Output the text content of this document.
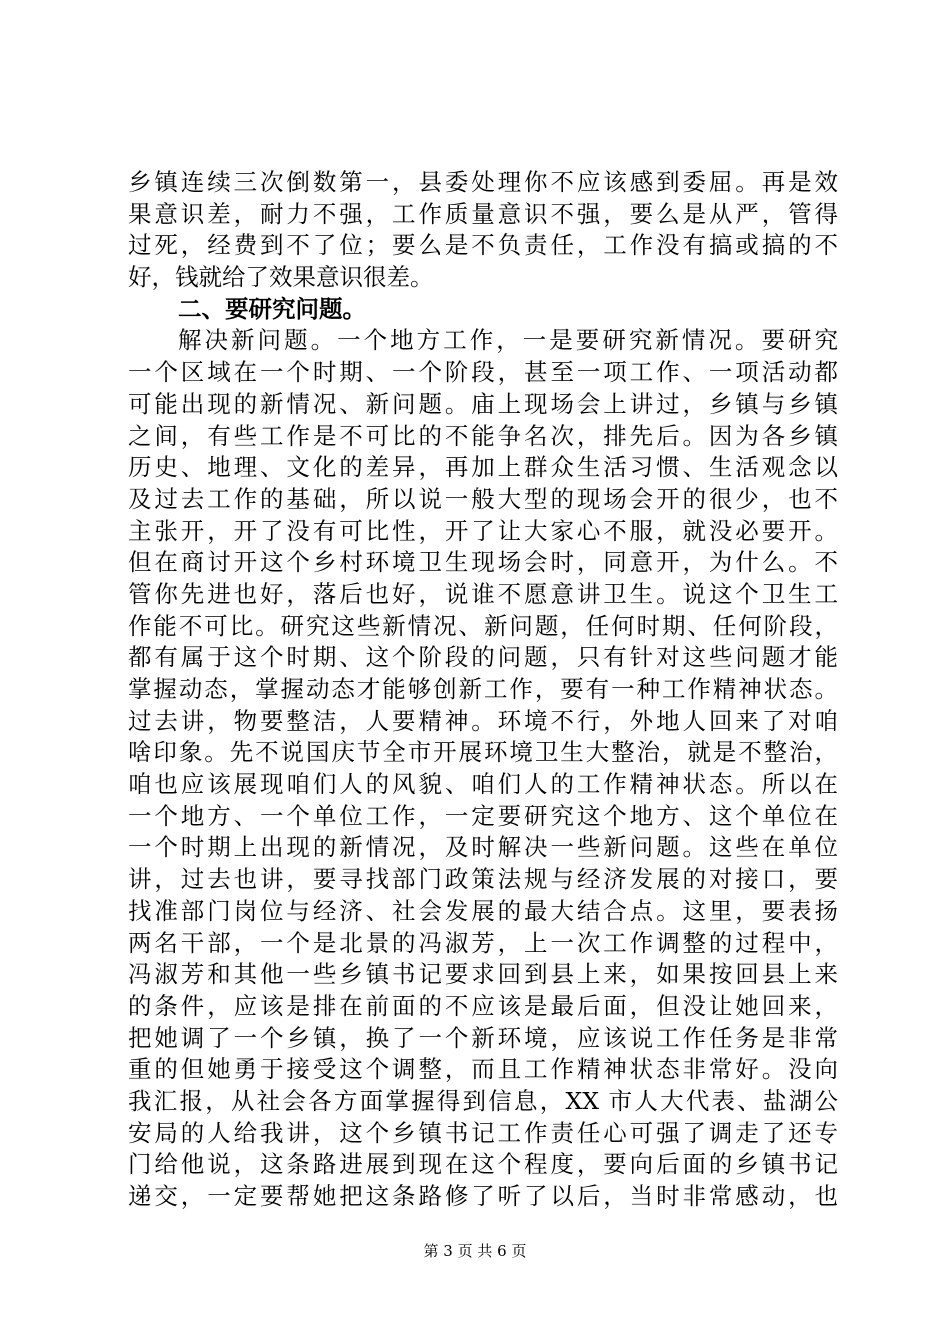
乡镇连续三次倒数第一，县委处理你不应该感到委屈。再是效
果意识差，耐力不强，工作质量意识不强，要么是从严，管得
过死，经费到不了位；要么是不负责任，工作没有搞或搞的不
好，钱就给了效果意识很差。
二、要研究问题。
解决新问题。一个地方工作，一是要研究新情况。要研究
一个区域在一个时期、一个阶段，甚至一项工作、一项活动都
可能出现的新情况、新问题。庙上现场会上讲过，乡镇与乡镇
之间，有些工作是不可比的不能争名次，排先后。因为各乡镇
历史、地理、文化的差异，再加上群众生活习惯、生活观念以
及过去工作的基础，所以说一般大型的现场会开的很少，也不
主张开，开了没有可比性，开了让大家心不服，就没必要开。
但在商讨开这个乡村环境卫生现场会时，同意开，为什么。不
管你先进也好，落后也好，说谁不愿意讲卫生。说这个卫生工
作能不可比。研究这些新情况、新问题，任何时期、任何阶段，
都有属于这个时期、这个阶段的问题，只有针对这些问题才能
掌握动态，掌握动态才能够创新工作，要有一种工作精神状态。
过去讲，物要整洁，人要精神。环境不行，外地人回来了对咱
啥印象。先不说国庆节全市开展环境卫生大整治，就是不整治，
咱也应该展现咱们人的风貌、咱们人的工作精神状态。所以在
一个地方、一个单位工作，一定要研究这个地方、这个单位在
一个时期上出现的新情况，及时解决一些新问题。这些在单位
讲，过去也讲，要寻找部门政策法规与经济发展的对接口，要
找准部门岗位与经济、社会发展的最大结合点。这里，要表扬
两名干部，一个是北景的冯淑芳，上一次工作调整的过程中，
冯淑芳和其他一些乡镇书记要求回到县上来，如果按回县上来
的条件，应该是排在前面的不应该是最后面，但没让她回来，
把她调了一个乡镇，换了一个新环境，应该说工作任务是非常
重的但她勇于接受这个调整，而且工作精神状态非常好。没向
我汇报，从社会各方面掌握得到信息，XX 市人大代表、盐湖公
安局的人给我讲，这个乡镇书记工作责任心可强了调走了还专
门给他说，这条路进展到现在这个程度，要向后面的乡镇书记
递交，一定要帮她把这条路修了听了以后，当时非常感动，也
第 3 页 共 6 页
